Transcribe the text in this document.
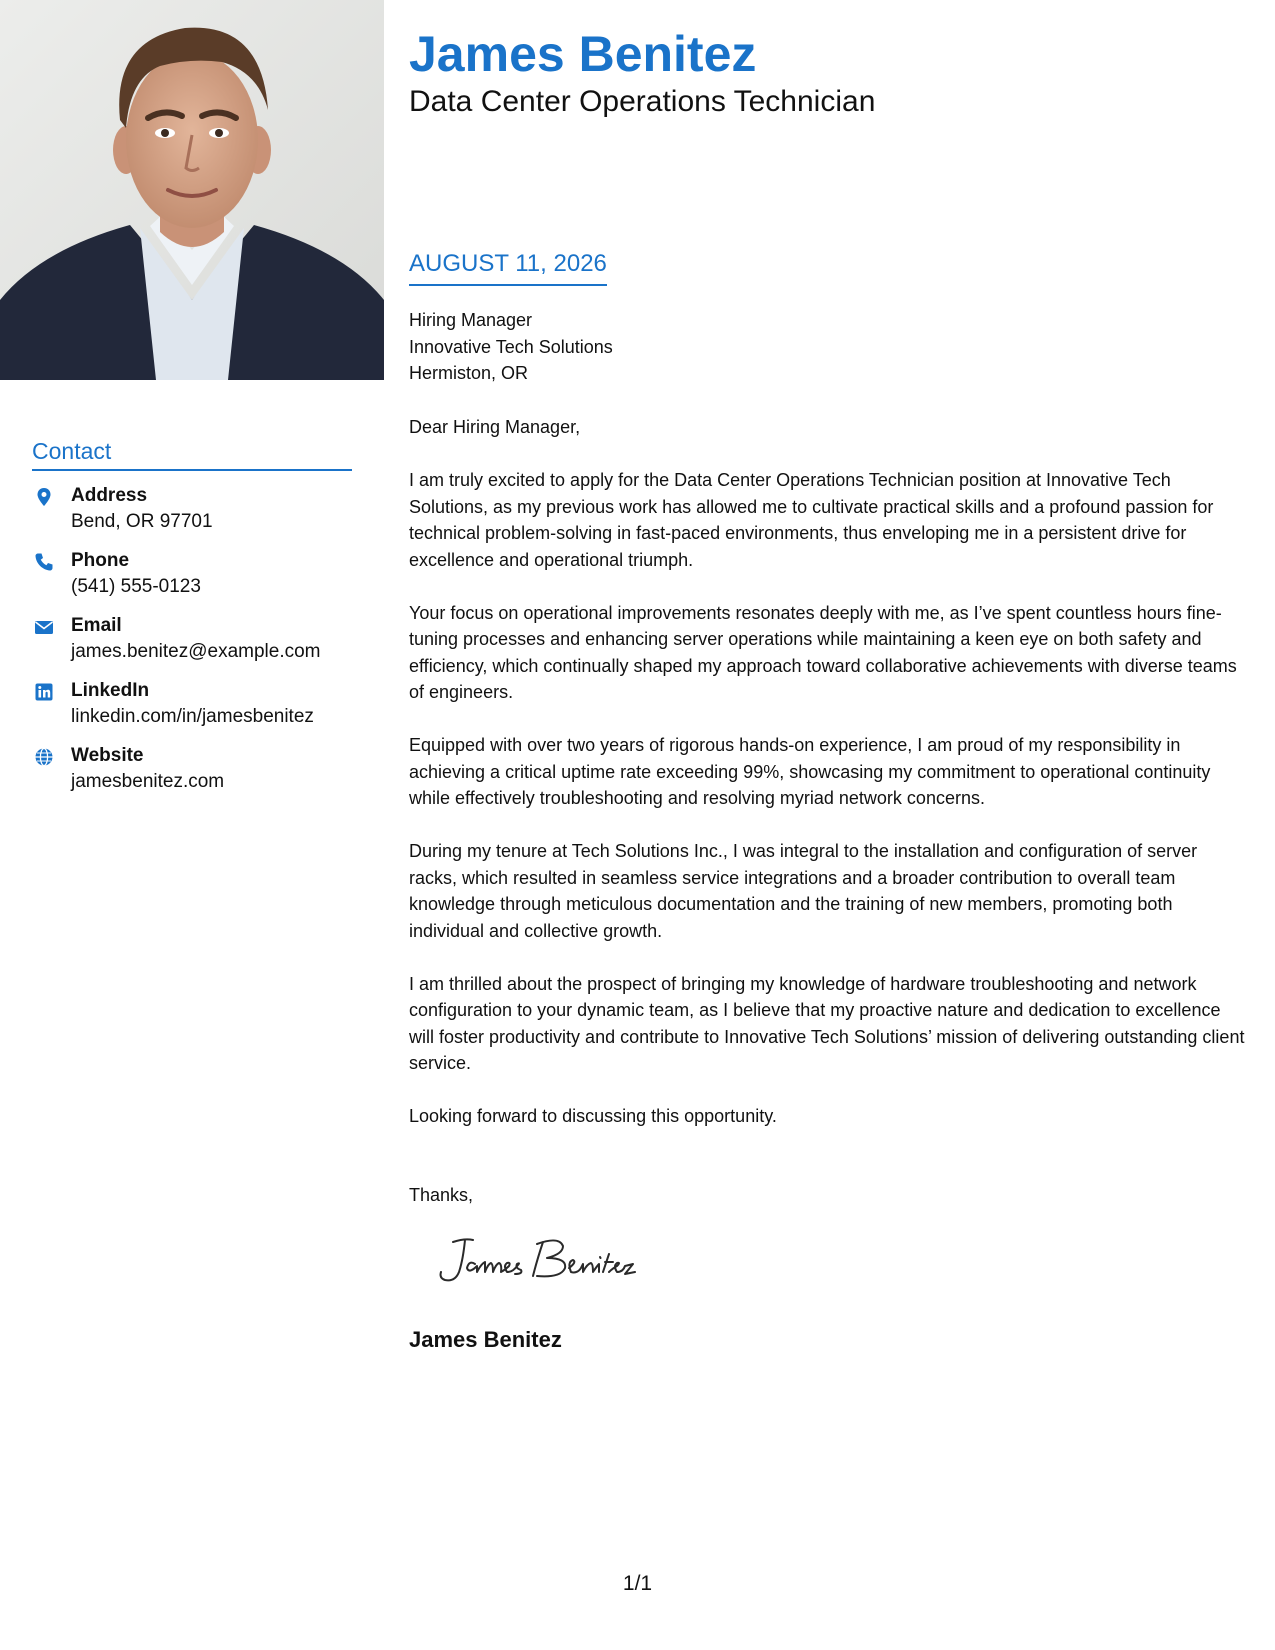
Contact
Address
Bend, OR 97701
Phone
(541) 555-0123
Email
james.benitez@example.com
LinkedIn
linkedin.com/in/jamesbenitez
Website
jamesbenitez.com
James Benitez
Data Center Operations Technician
AUGUST 11, 2026
Hiring Manager
Innovative Tech Solutions
Hermiston, OR

Dear Hiring Manager,

I am truly excited to apply for the Data Center Operations Technician position at Innovative Tech Solutions, as my previous work has allowed me to cultivate practical skills and a profound passion for technical problem-solving in fast-paced environments, thus enveloping me in a persistent drive for excellence and operational triumph.

Your focus on operational improvements resonates deeply with me, as I’ve spent countless hours fine-tuning processes and enhancing server operations while maintaining a keen eye on both safety and efficiency, which continually shaped my approach toward collaborative achievements with diverse teams of engineers.

Equipped with over two years of rigorous hands-on experience, I am proud of my responsibility in achieving a critical uptime rate exceeding 99%, showcasing my commitment to operational continuity while effectively troubleshooting and resolving myriad network concerns.

During my tenure at Tech Solutions Inc., I was integral to the installation and configuration of server racks, which resulted in seamless service integrations and a broader contribution to overall team knowledge through meticulous documentation and the training of new members, promoting both individual and collective growth.

I am thrilled about the prospect of bringing my knowledge of hardware troubleshooting and network configuration to your dynamic team, as I believe that my proactive nature and dedication to excellence will foster productivity and contribute to Innovative Tech Solutions’ mission of delivering outstanding client service.

Looking forward to discussing this opportunity.

Thanks,
James Benitez
1/1
